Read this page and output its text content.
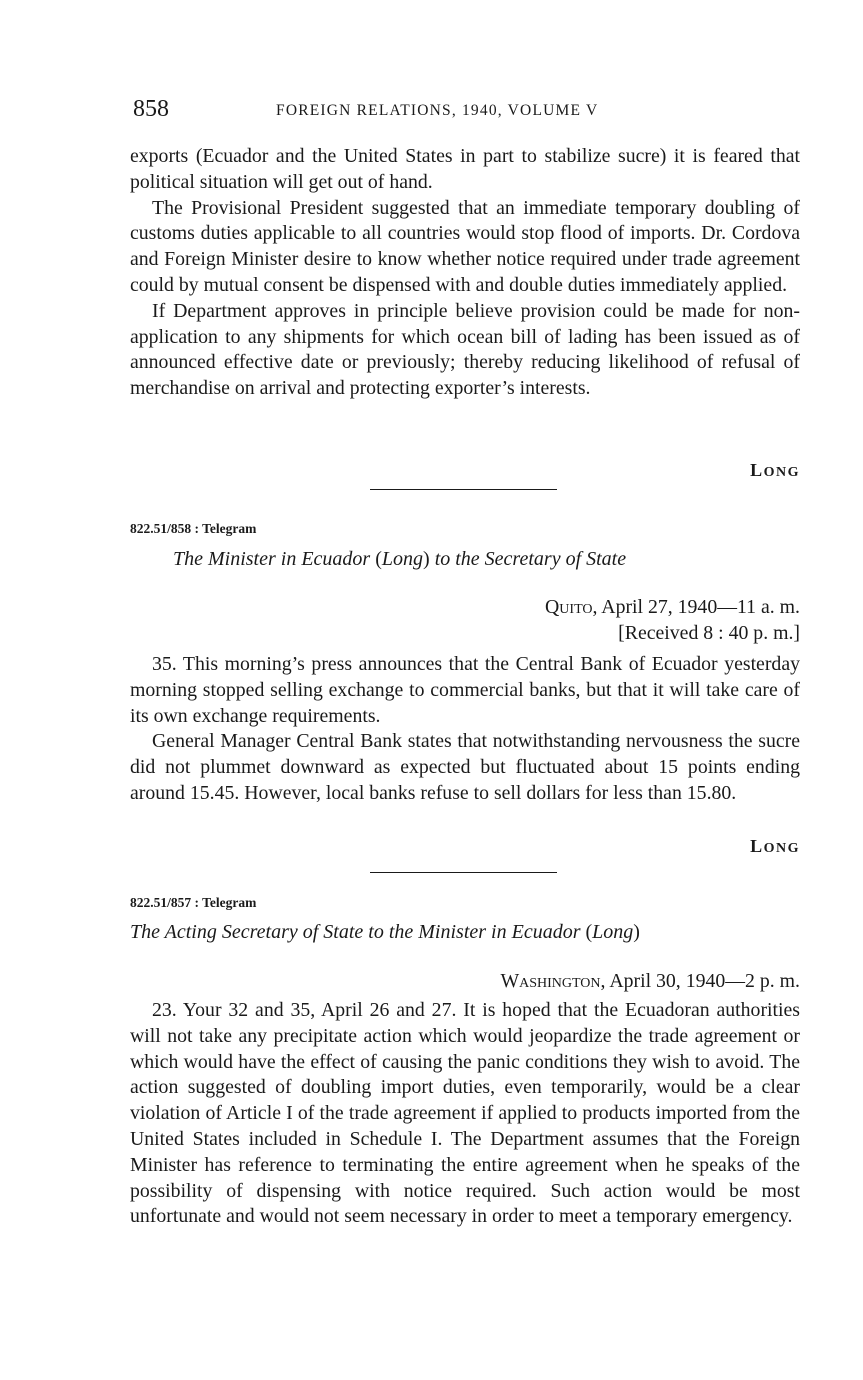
858	FOREIGN RELATIONS, 1940, VOLUME V

exports (Ecuador and the United States in part to stabilize sucre) it is feared that political situation will get out of hand.

The Provisional President suggested that an immediate temporary doubling of customs duties applicable to all countries would stop flood of imports. Dr. Cordova and Foreign Minister desire to know whether notice required under trade agreement could by mutual consent be dispensed with and double duties immediately applied.

If Department approves in principle believe provision could be made for non-application to any shipments for which ocean bill of lading has been issued as of announced effective date or previously; thereby reducing likelihood of refusal of merchandise on arrival and protecting exporter’s interests.

LONG
822.51/858 : Telegram
The Minister in Ecuador (Long) to the Secretary of State
Quito, April 27, 1940—11 a. m.
[Received 8 : 40 p. m.]

35. This morning’s press announces that the Central Bank of Ecuador yesterday morning stopped selling exchange to commercial banks, but that it will take care of its own exchange requirements.

General Manager Central Bank states that notwithstanding nervousness the sucre did not plummet downward as expected but fluctuated about 15 points ending around 15.45. However, local banks refuse to sell dollars for less than 15.80.

LONG
822.51/857 : Telegram
The Acting Secretary of State to the Minister in Ecuador (Long)
Washington, April 30, 1940—2 p. m.

23. Your 32 and 35, April 26 and 27. It is hoped that the Ecuadoran authorities will not take any precipitate action which would jeopardize the trade agreement or which would have the effect of causing the panic conditions they wish to avoid. The action suggested of doubling import duties, even temporarily, would be a clear violation of Article I of the trade agreement if applied to products imported from the United States included in Schedule I. The Department assumes that the Foreign Minister has reference to terminating the entire agreement when he speaks of the possibility of dispensing with notice required. Such action would be most unfortunate and would not seem necessary in order to meet a temporary emergency.
